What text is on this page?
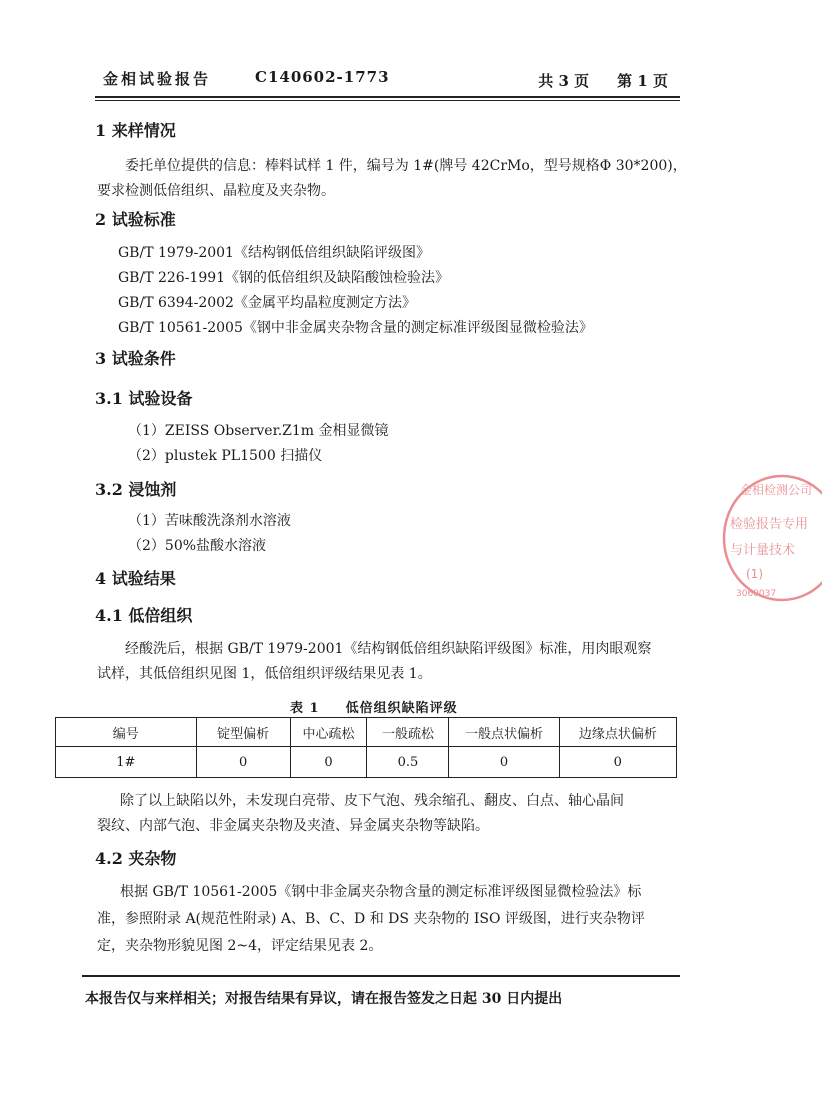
金相试验报告	C140602-1773	共 3 页 第 1 页
1 来样情况
委托单位提供的信息：棒料试样 1 件，编号为 1#(牌号 42CrMo，型号规格Φ 30*200)，
要求检测低倍组织、晶粒度及夹杂物。
2 试验标准
GB/T 1979-2001《结构钢低倍组织缺陷评级图》
GB/T 226-1991《钢的低倍组织及缺陷酸蚀检验法》
GB/T 6394-2002《金属平均晶粒度测定方法》
GB/T 10561-2005《钢中非金属夹杂物含量的测定标准评级图显微检验法》
3 试验条件
3.1 试验设备
（1）ZEISS Observer.Z1m 金相显微镜
（2）plustek PL1500 扫描仪
3.2 浸蚀剂
（1）苦味酸洗涤剂水溶液
（2）50%盐酸水溶液
4 试验结果
4.1 低倍组织
经酸洗后，根据 GB/T 1979-2001《结构钢低倍组织缺陷评级图》标准，用肉眼观察
试样，其低倍组织见图 1，低倍组织评级结果见表 1。
表 1 低倍组织缺陷评级
编号	锭型偏析	中心疏松	一般疏松	一般点状偏析	边缘点状偏析
1#	0	0	0.5	0	0
除了以上缺陷以外，未发现白亮带、皮下气泡、残余缩孔、翻皮、白点、轴心晶间
裂纹、内部气泡、非金属夹杂物及夹渣、异金属夹杂物等缺陷。
4.2 夹杂物
根据 GB/T 10561-2005《钢中非金属夹杂物含量的测定标准评级图显微检验法》标
准，参照附录 A(规范性附录) A、B、C、D 和 DS 夹杂物的 ISO 评级图，进行夹杂物评
定，夹杂物形貌见图 2~4，评定结果见表 2。
本报告仅与来样相关；对报告结果有异议，请在报告签发之日起 30 日内提出
金相检测公司
检验报告专用
与计量技术
(1)
3060037
